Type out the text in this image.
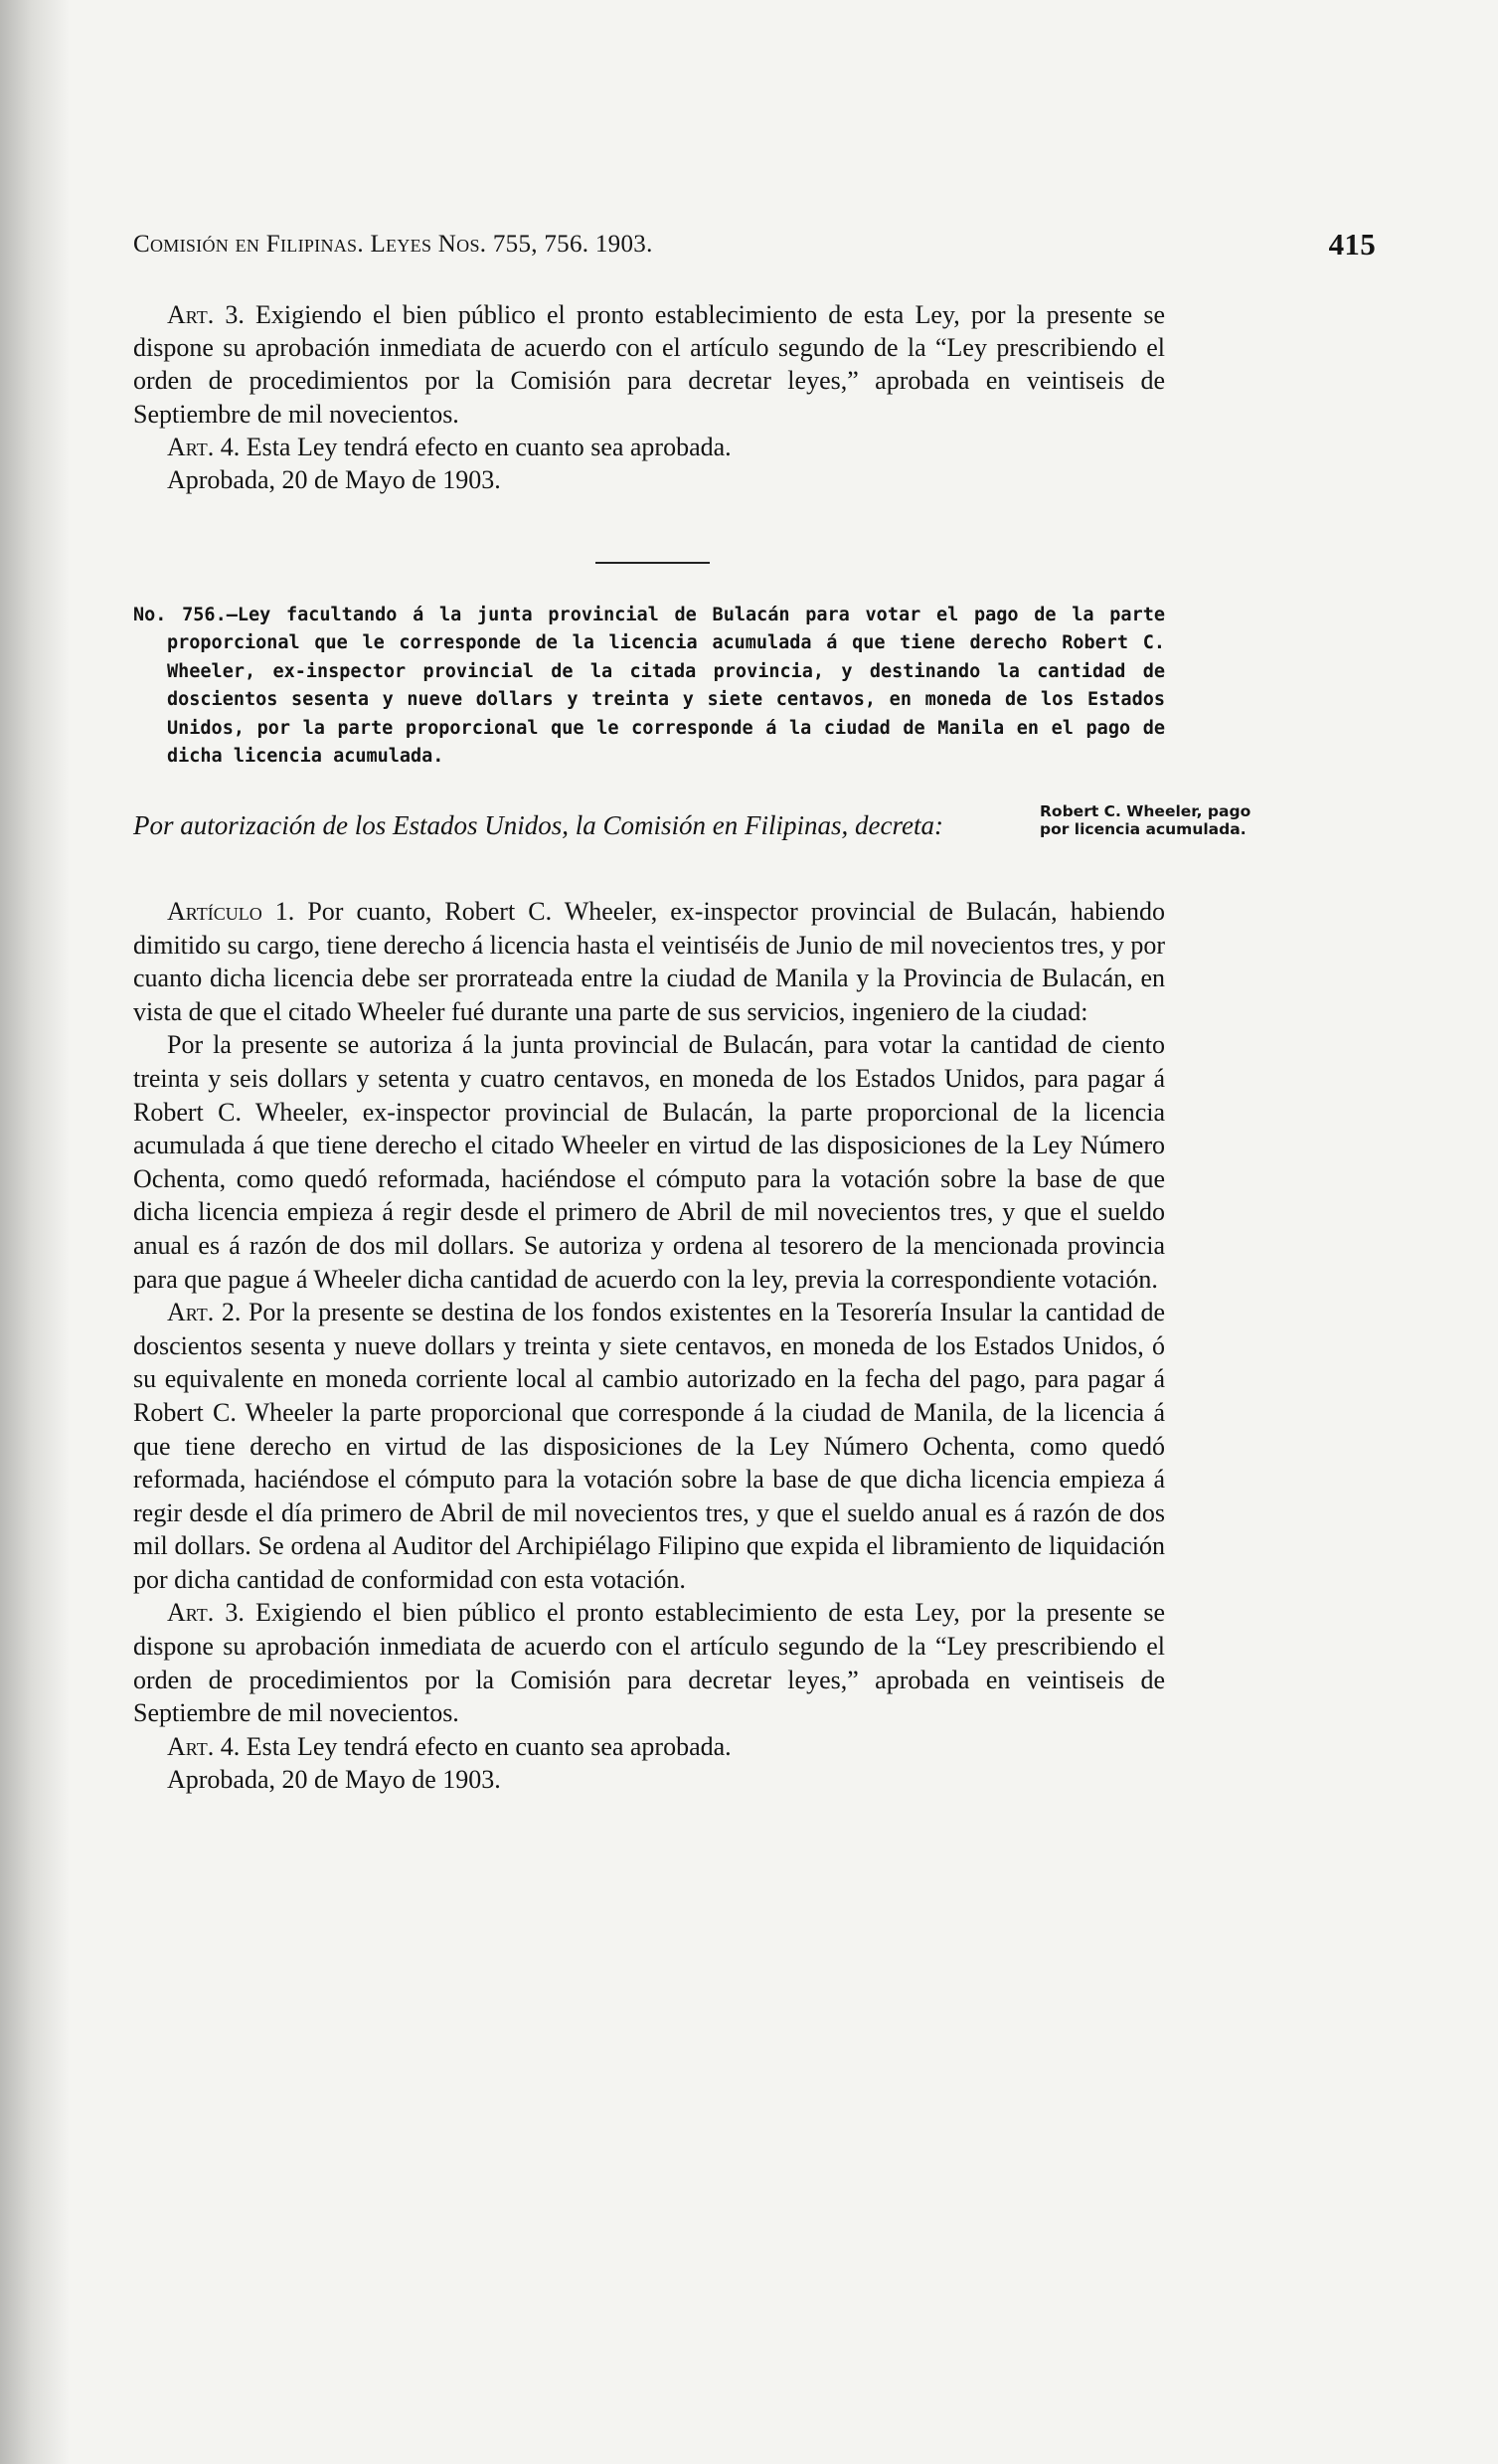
Comisión en Filipinas. Leyes Nos. 755, 756. 1903.	415

Art. 3. Exigiendo el bien público el pronto establecimiento de esta Ley, por la presente se dispone su aprobación inmediata de acuerdo con el artículo segundo de la “Ley prescribiendo el orden de procedimientos por la Comisión para decretar leyes,” aprobada en veintiseis de Septiembre de mil novecientos.

Art. 4. Esta Ley tendrá efecto en cuanto sea aprobada.

Aprobada, 20 de Mayo de 1903.

No. 756.—Ley facultando á la junta provincial de Bulacán para votar el pago de la parte proporcional que le corresponde de la licencia acumulada á que tiene derecho Robert C. Wheeler, ex-inspector provincial de la citada provincia, y destinando la cantidad de doscientos sesenta y nueve dollars y treinta y siete centavos, en moneda de los Estados Unidos, por la parte proporcional que le corresponde á la ciudad de Manila en el pago de dicha licencia acumulada.
Por autorización de los Estados Unidos, la Comisión en Filipinas, decreta:	Robert C. Wheeler, pago por licencia acumulada.

Artículo 1. Por cuanto, Robert C. Wheeler, ex-inspector provincial de Bulacán, habiendo dimitido su cargo, tiene derecho á licencia hasta el veintiséis de Junio de mil novecientos tres, y por cuanto dicha licencia debe ser prorrateada entre la ciudad de Manila y la Provincia de Bulacán, en vista de que el citado Wheeler fué durante una parte de sus servicios, ingeniero de la ciudad:

Por la presente se autoriza á la junta provincial de Bulacán, para votar la cantidad de ciento treinta y seis dollars y setenta y cuatro centavos, en moneda de los Estados Unidos, para pagar á Robert C. Wheeler, ex-inspector provincial de Bulacán, la parte proporcional de la licencia acumulada á que tiene derecho el citado Wheeler en virtud de las disposiciones de la Ley Número Ochenta, como quedó reformada, haciéndose el cómputo para la votación sobre la base de que dicha licencia empieza á regir desde el primero de Abril de mil novecientos tres, y que el sueldo anual es á razón de dos mil dollars. Se autoriza y ordena al tesorero de la mencionada provincia para que pague á Wheeler dicha cantidad de acuerdo con la ley, previa la correspondiente votación.

Art. 2. Por la presente se destina de los fondos existentes en la Tesorería Insular la cantidad de doscientos sesenta y nueve dollars y treinta y siete centavos, en moneda de los Estados Unidos, ó su equivalente en moneda corriente local al cambio autorizado en la fecha del pago, para pagar á Robert C. Wheeler la parte proporcional que corresponde á la ciudad de Manila, de la licencia á que tiene derecho en virtud de las disposiciones de la Ley Número Ochenta, como quedó reformada, haciéndose el cómputo para la votación sobre la base de que dicha licencia empieza á regir desde el día primero de Abril de mil novecientos tres, y que el sueldo anual es á razón de dos mil dollars. Se ordena al Auditor del Archipiélago Filipino que expida el libramiento de liquidación por dicha cantidad de conformidad con esta votación.

Art. 3. Exigiendo el bien público el pronto establecimiento de esta Ley, por la presente se dispone su aprobación inmediata de acuerdo con el artículo segundo de la “Ley prescribiendo el orden de procedimientos por la Comisión para decretar leyes,” aprobada en veintiseis de Septiembre de mil novecientos.

Art. 4. Esta Ley tendrá efecto en cuanto sea aprobada.

Aprobada, 20 de Mayo de 1903.
